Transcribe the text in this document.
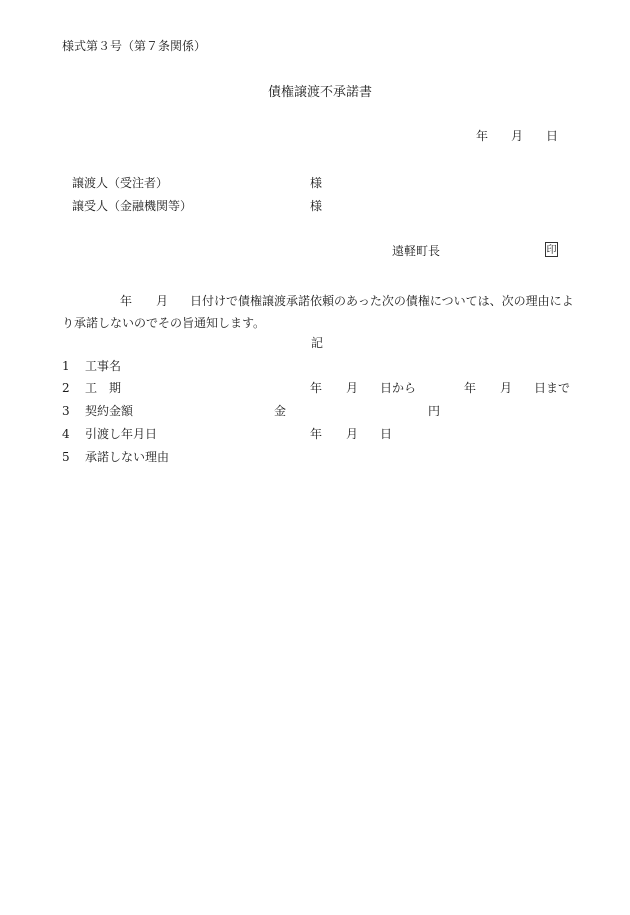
様式第３号（第７条関係）
債権譲渡不承諾書
年 月 日
譲渡人（受注者）	様
譲受人（金融機関等）	様
遠軽町長	印
年 月 日付けで債権譲渡承諾依頼のあった次の債権については、次の理由により承諾しないのでその旨通知します。
記
1 工事名
2 工　期	年 月 日から	年 月 日まで
3 契約金額	金	円
4 引渡し年月日	年 月 日
5 承諾しない理由
